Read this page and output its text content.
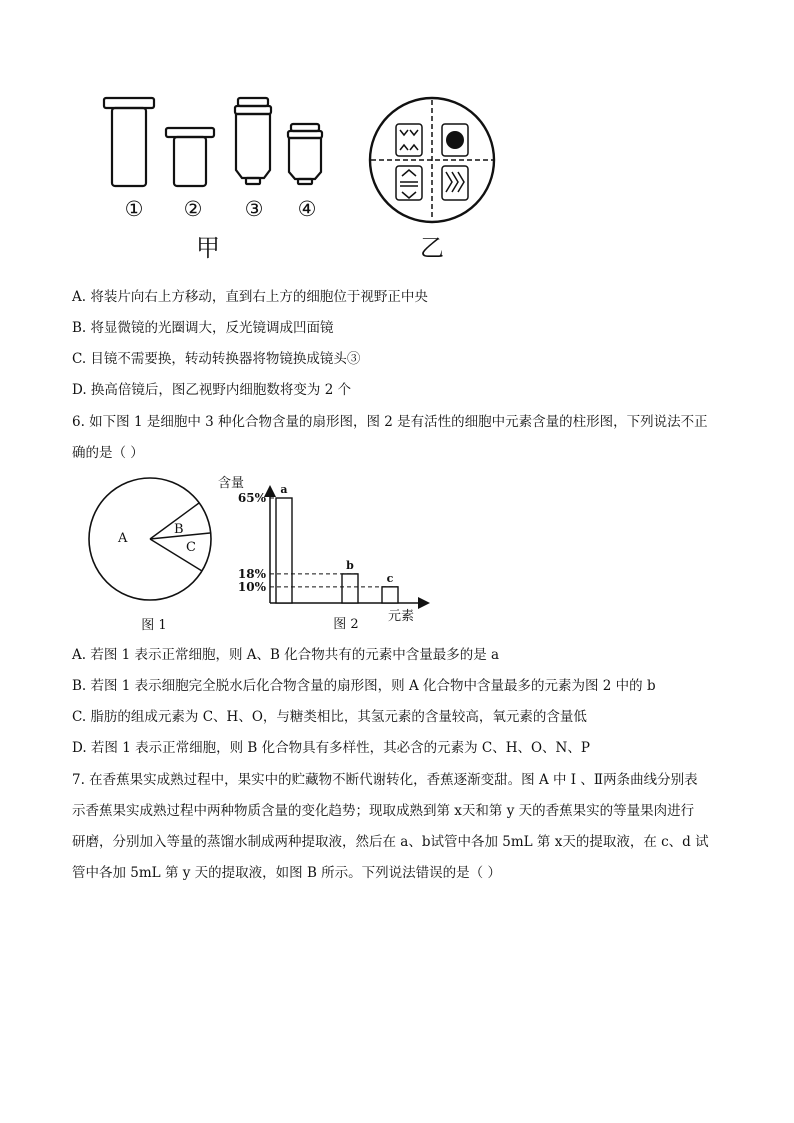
① ② ③ ④
甲	乙
A. 将装片向右上方移动，直到右上方的细胞位于视野正中央
B. 将显微镜的光圈调大，反光镜调成凹面镜
C. 目镜不需要换，转动转换器将物镜换成镜头③
D. 换高倍镜后，图乙视野内细胞数将变为 2 个
6. 如下图 1 是细胞中 3 种化合物含量的扇形图，图 2 是有活性的细胞中元素含量的柱形图，下列说法不正
确的是（ ）
A
B
C
图 1
含量
元素
图 2
a
65%
b
18%	c
10%
A. 若图 1 表示正常细胞，则 A、B 化合物共有的元素中含量最多的是 a
B. 若图 1 表示细胞完全脱水后化合物含量的扇形图，则 A 化合物中含量最多的元素为图 2 中的 b
C. 脂肪的组成元素为 C、H、O，与糖类相比，其氢元素的含量较高，氧元素的含量低
D. 若图 1 表示正常细胞，则 B 化合物具有多样性，其必含的元素为 C、H、O、N、P
7. 在香蕉果实成熟过程中，果实中的贮藏物不断代谢转化，香蕉逐渐变甜。图 A 中 Ⅰ 、Ⅱ两条曲线分别表
示香蕉果实成熟过程中两种物质含量的变化趋势；现取成熟到第 x天和第 y 天的香蕉果实的等量果肉进行
研磨，分别加入等量的蒸馏水制成两种提取液，然后在 a、b试管中各加 5mL 第 x天的提取液，在 c、d 试
管中各加 5mL 第 y 天的提取液，如图 B 所示。下列说法错误的是（ ）
